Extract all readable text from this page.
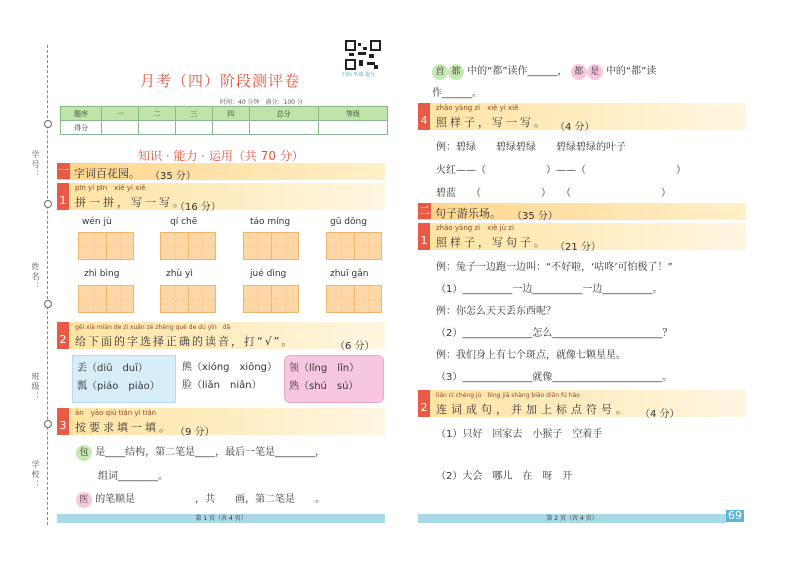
学号：
姓名：
班级：
学校：
月考（四）阶段测评卷	扫码 听课 提分
时间：40 分钟　满分：100 分
题序	一	二	三	四	总分	等级
得分						
知识 · 能力 · 运用（共 70 分）
一 字词百花园。 （35 分）
1
pīn yi pīn　xiě yi xiě
拼一拼，写一写。
（16 分）
wén jù	qí chē	táo míng	gū dōng
zhì bìng	zhù yì	jué dìng	zhuī gǎn
2
gěi xià miàn de zì xuǎn zé zhèng què de dú yīn　dǎ
给下面的字选择正确的读音，打“√”。	（6 分）
丢（diū　duī）
瓢（piáo　piào）
熊（xióng　xiōng）
脸（liǎn　niǎn）
领（lǐng　lǐn）
熟（shú　sú）
3
àn　yāo qiú tián yi tián
按要求填一填。 （9 分）
包 是____结构，第二笔是____，最后一笔是________，
组词________。
医 的笔顺是　　　　　　，共　　画，第二笔是　　。
第 1 页（共 4 页）
首 都 中的“都”读作______， 都 是 中的“都”读
作______。
4
zhào yàng zi　xiě yi xiě
照样子，写一写。 （4 分）
例：碧绿　　碧绿碧绿　　碧绿碧绿的叶子
火红——（　　　　　　）——（　　　　　　　　　）
碧蓝　　（　　　　　　）　　（　　　　　　　　　）
二 句子游乐场。 （35 分）
1
zhào yàng zi　xiě jù zi
照样子，写句子。 （21 分）
例：兔子一边跑一边叫：“不好啦，‘咕咚’可怕极了！”
（1）__________一边__________一边__________。
例：你怎么天天丢东西呢？
（2）______________怎么______________________？
例：我们身上有七个斑点，就像七颗星星。
（3）______________就像______________________。
2
lián cí chéng jù　bìng jiā shàng biāo diǎn fú hào
连词成句，并加上标点符号。 （4 分）
（1）只好　回家去　小猴子　空着手
（2）大会　哪儿　在　呀　开
第 2 页（共 4 页）	69
